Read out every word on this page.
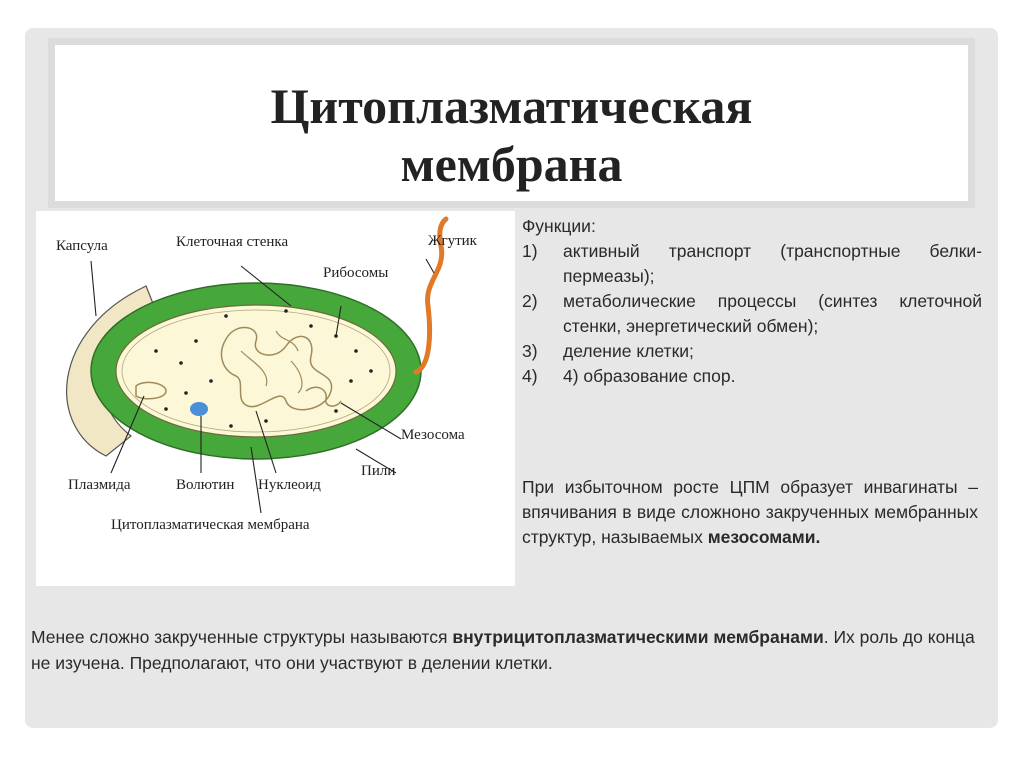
Цитоплазматическая
мембрана
Капсула	Клеточная стенка	Жгутик
Рибосомы
Мезосома
Пили
Плазмида	Волютин Нуклеоид
Цитоплазматическая мембрана
Функции:
1) активный транспорт (транспортные белки-пермеазы);
2) метаболические процессы (синтез клеточной стенки, энергетический обмен);
3) деление клетки;
4) 4) образование спор.
При избыточном росте ЦПМ образует инвагинаты – впячивания в виде сложноно закрученных мембранных структур, называемых мезосомами.
Менее сложно закрученные структуры называются внутрицитоплазматическими мембранами. Их роль до конца не изучена. Предполагают, что они участвуют в делении клетки.
